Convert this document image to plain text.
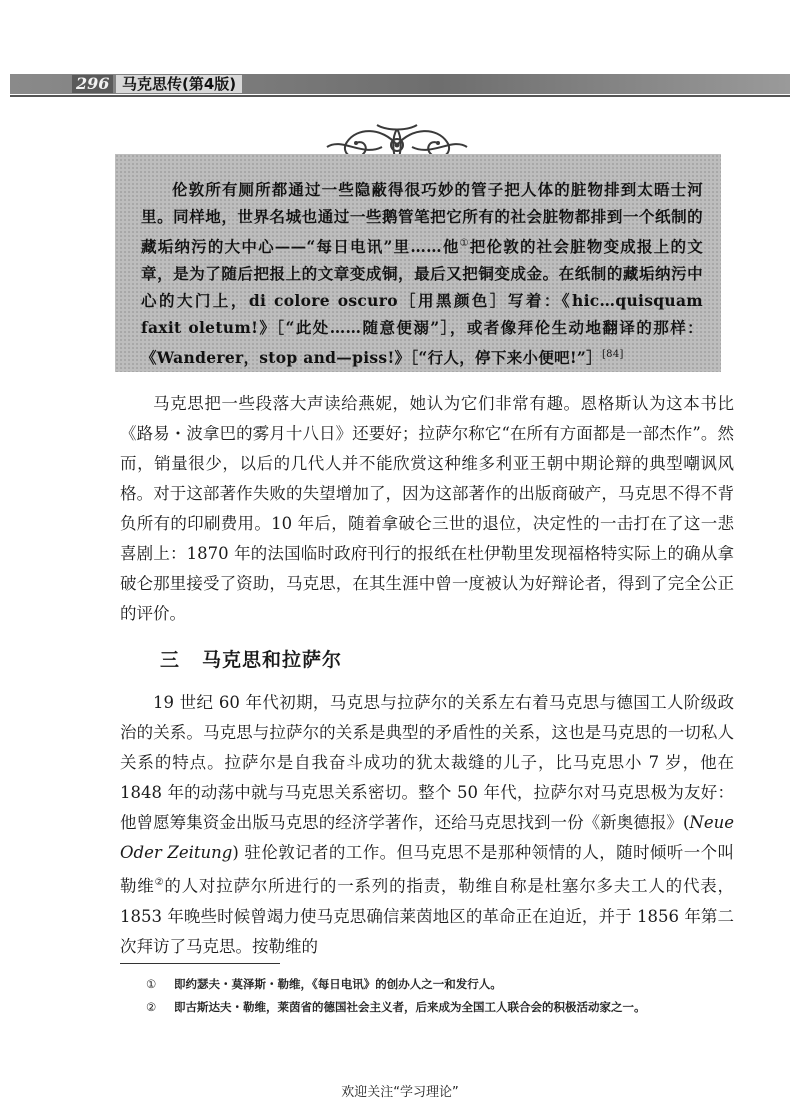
296 马克思传(第4版)

伦敦所有厕所都通过一些隐蔽得很巧妙的管子把人体的脏物排到太晤士河里。同样地，世界名城也通过一些鹅管笔把它所有的社会脏物都排到一个纸制的藏垢纳污的大中心——“每日电讯”里……他①把伦敦的社会脏物变成报上的文章，是为了随后把报上的文章变成铜，最后又把铜变成金。在纸制的藏垢纳污中心的大门上，di colore oscuro［用黑颜色］写着：《hic…quisquam faxit oletum!》［“此处……随意便溺”］，或者像拜伦生动地翻译的那样：《Wanderer，stop and—piss!》［“行人，停下来小便吧!”］[84]

马克思把一些段落大声读给燕妮，她认为它们非常有趣。恩格斯认为这本书比《路易・波拿巴的雾月十八日》还要好；拉萨尔称它“在所有方面都是一部杰作”。然而，销量很少，以后的几代人并不能欣赏这种维多利亚王朝中期论辩的典型嘲讽风格。对于这部著作失败的失望增加了，因为这部著作的出版商破产，马克思不得不背负所有的印刷费用。10 年后，随着拿破仑三世的退位，决定性的一击打在了这一悲喜剧上：1870 年的法国临时政府刊行的报纸在杜伊勒里发现福格特实际上的确从拿破仑那里接受了资助，马克思，在其生涯中曾一度被认为好辩论者，得到了完全公正的评价。

三 马克思和拉萨尔

19 世纪 60 年代初期，马克思与拉萨尔的关系左右着马克思与德国工人阶级政治的关系。马克思与拉萨尔的关系是典型的矛盾性的关系，这也是马克思的一切私人关系的特点。拉萨尔是自我奋斗成功的犹太裁缝的儿子，比马克思小 7 岁，他在 1848 年的动荡中就与马克思关系密切。整个 50 年代，拉萨尔对马克思极为友好：他曾愿筹集资金出版马克思的经济学著作，还给马克思找到一份《新奥德报》(Neue Oder Zeitung) 驻伦敦记者的工作。但马克思不是那种领情的人，随时倾听一个叫勒维②的人对拉萨尔所进行的一系列的指责，勒维自称是杜塞尔多夫工人的代表，1853 年晚些时候曾竭力使马克思确信莱茵地区的革命正在迫近，并于 1856 年第二次拜访了马克思。按勒维的

① 即约瑟夫・莫泽斯・勒维，《每日电讯》的创办人之一和发行人。

② 即古斯达夫・勒维，莱茵省的德国社会主义者，后来成为全国工人联合会的积极活动家之一。

欢迎关注“学习理论”
